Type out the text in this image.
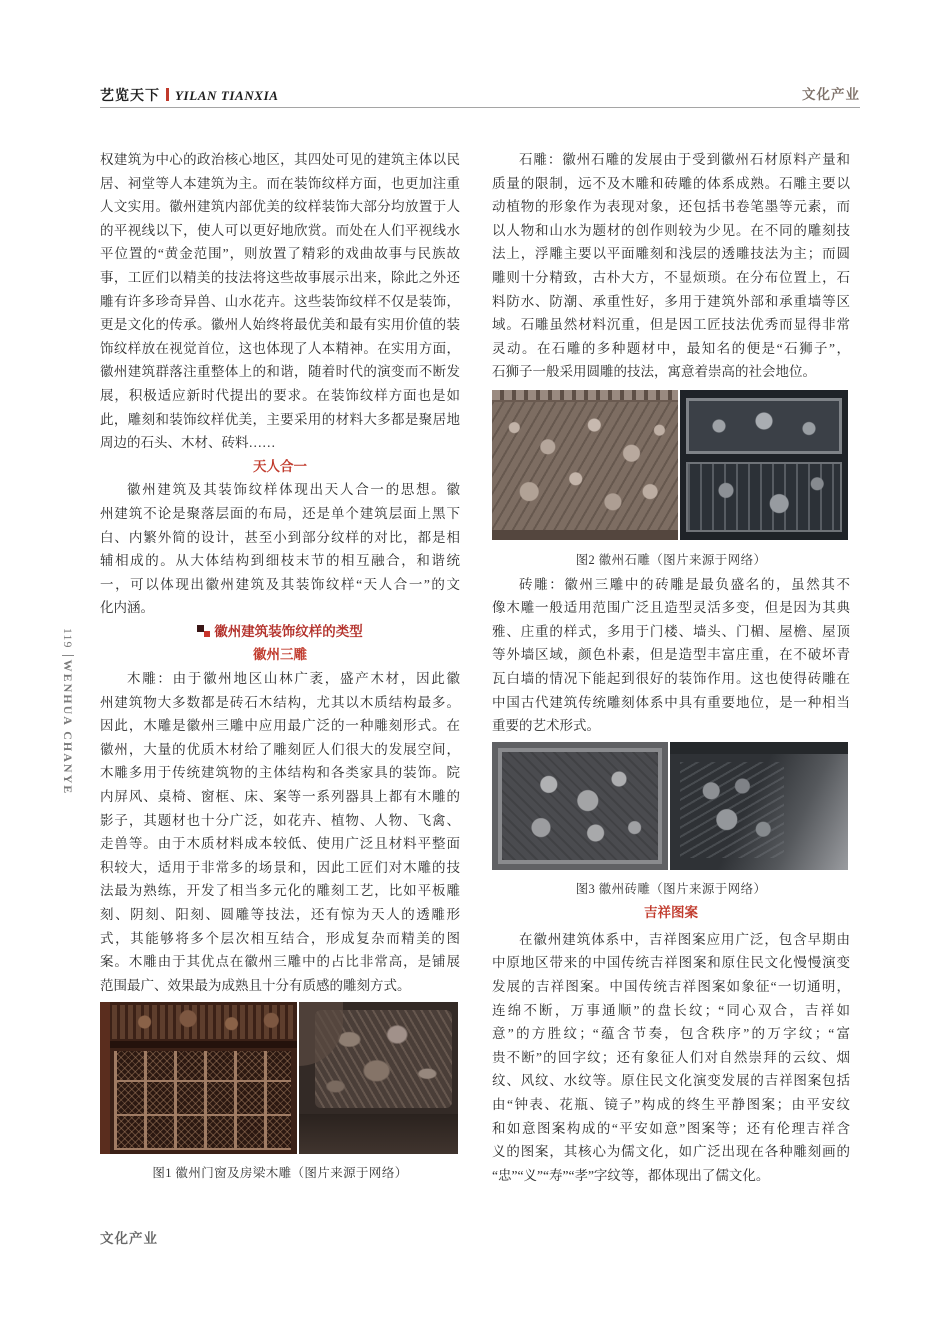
艺览天下 YILAN TIANXIA	文化产业
119WENHUA CHANYE
权建筑为中心的政治核心地区，其四处可见的建筑主体以民
居、祠堂等人本建筑为主。而在装饰纹样方面，也更加注重
人文实用。徽州建筑内部优美的纹样装饰大部分均放置于人
的平视线以下，使人可以更好地欣赏。而处在人们平视线水
平位置的“黄金范围”，则放置了精彩的戏曲故事与民族故
事，工匠们以精美的技法将这些故事展示出来，除此之外还
雕有许多珍奇异兽、山水花卉。这些装饰纹样不仅是装饰，
更是文化的传承。徽州人始终将最优美和最有实用价值的装
饰纹样放在视觉首位，这也体现了人本精神。在实用方面，
徽州建筑群落注重整体上的和谐，随着时代的演变而不断发
展，积极适应新时代提出的要求。在装饰纹样方面也是如
此，雕刻和装饰纹样优美，主要采用的材料大多都是聚居地
周边的石头、木材、砖料……
天人合一
徽州建筑及其装饰纹样体现出天人合一的思想。徽
州建筑不论是聚落层面的布局，还是单个建筑层面上黑下
白、内繁外简的设计，甚至小到部分纹样的对比，都是相
辅相成的。从大体结构到细枝末节的相互融合，和谐统
一，可以体现出徽州建筑及其装饰纹样“天人合一”的文
化内涵。
徽州建筑装饰纹样的类型
徽州三雕
木雕：由于徽州地区山林广袤，盛产木材，因此徽
州建筑物大多数都是砖石木结构，尤其以木质结构最多。
因此，木雕是徽州三雕中应用最广泛的一种雕刻形式。在
徽州，大量的优质木材给了雕刻匠人们很大的发展空间，
木雕多用于传统建筑物的主体结构和各类家具的装饰。院
内屏风、桌椅、窗框、床、案等一系列器具上都有木雕的
影子，其题材也十分广泛，如花卉、植物、人物、飞禽、
走兽等。由于木质材料成本较低、使用广泛且材料平整面
积较大，适用于非常多的场景和，因此工匠们对木雕的技
法最为熟练，开发了相当多元化的雕刻工艺，比如平板雕
刻、阴刻、阳刻、圆雕等技法，还有惊为天人的透雕形
式，其能够将多个层次相互结合，形成复杂而精美的图
案。木雕由于其优点在徽州三雕中的占比非常高，是铺展
范围最广、效果最为成熟且十分有质感的雕刻方式。
图1 徽州门窗及房梁木雕（图片来源于网络）
石雕：徽州石雕的发展由于受到徽州石材原料产量和
质量的限制，远不及木雕和砖雕的体系成熟。石雕主要以
动植物的形象作为表现对象，还包括书卷笔墨等元素，而
以人物和山水为题材的创作则较为少见。在不同的雕刻技
法上，浮雕主要以平面雕刻和浅层的透雕技法为主；而圆
雕则十分精致，古朴大方，不显烦琐。在分布位置上，石
料防水、防潮、承重性好，多用于建筑外部和承重墙等区
域。石雕虽然材料沉重，但是因工匠技法优秀而显得非常
灵动。在石雕的多种题材中，最知名的便是“石狮子”，
石狮子一般采用圆雕的技法，寓意着崇高的社会地位。
图2 徽州石雕（图片来源于网络）
砖雕：徽州三雕中的砖雕是最负盛名的，虽然其不
像木雕一般适用范围广泛且造型灵活多变，但是因为其典
雅、庄重的样式，多用于门楼、墙头、门楣、屋檐、屋顶
等外墙区域，颜色朴素，但是造型丰富庄重，在不破坏青
瓦白墙的情况下能起到很好的装饰作用。这也使得砖雕在
中国古代建筑传统雕刻体系中具有重要地位，是一种相当
重要的艺术形式。
图3 徽州砖雕（图片来源于网络）
吉祥图案
在徽州建筑体系中，吉祥图案应用广泛，包含早期由
中原地区带来的中国传统吉祥图案和原住民文化慢慢演变
发展的吉祥图案。中国传统吉祥图案如象征“一切通明，
连绵不断，万事通顺”的盘长纹；“同心双合，吉祥如
意”的方胜纹；“蕴含节奏，包含秩序”的万字纹；“富
贵不断”的回字纹；还有象征人们对自然崇拜的云纹、烟
纹、风纹、水纹等。原住民文化演变发展的吉祥图案包括
由“钟表、花瓶、镜子”构成的终生平静图案；由平安纹
和如意图案构成的“平安如意”图案等；还有伦理吉祥含
义的图案，其核心为儒文化，如广泛出现在各种雕刻画的
“忠”“义”“寿”“孝”字纹等，都体现出了儒文化。
文化产业
